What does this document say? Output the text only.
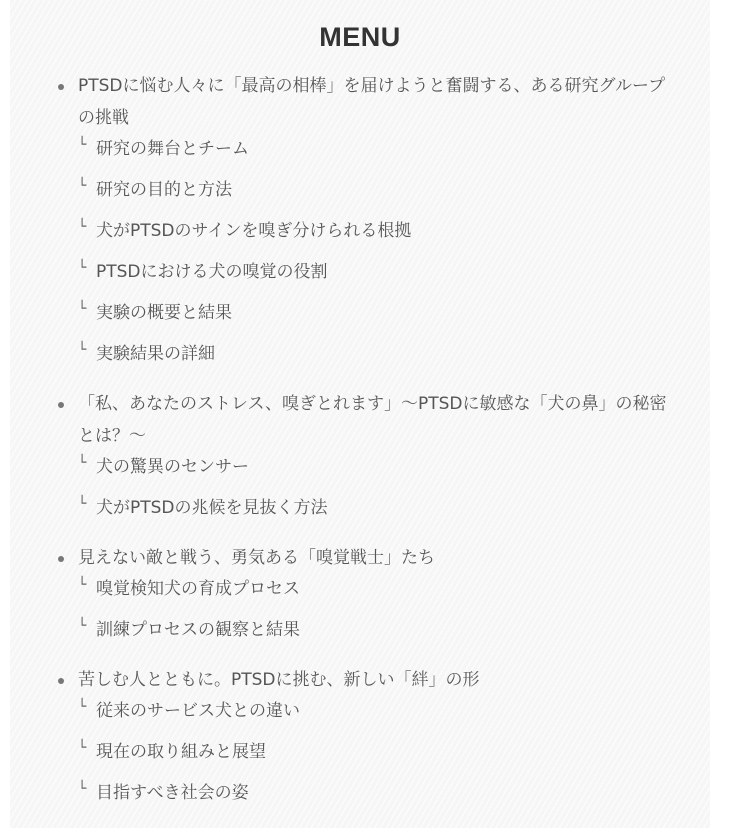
MENU
PTSDに悩む人々に「最高の相棒」を届けようと奮闘する、ある研究グループの挑戦
└ 研究の舞台とチーム
└ 研究の目的と方法
└ 犬がPTSDのサインを嗅ぎ分けられる根拠
└ PTSDにおける犬の嗅覚の役割
└ 実験の概要と結果
└ 実験結果の詳細
「私、あなたのストレス、嗅ぎとれます」〜PTSDに敏感な「犬の鼻」の秘密とは？〜
└ 犬の驚異のセンサー
└ 犬がPTSDの兆候を見抜く方法
見えない敵と戦う、勇気ある「嗅覚戦士」たち
└ 嗅覚検知犬の育成プロセス
└ 訓練プロセスの観察と結果
苦しむ人とともに。PTSDに挑む、新しい「絆」の形
└ 従来のサービス犬との違い
└ 現在の取り組みと展望
└ 目指すべき社会の姿
